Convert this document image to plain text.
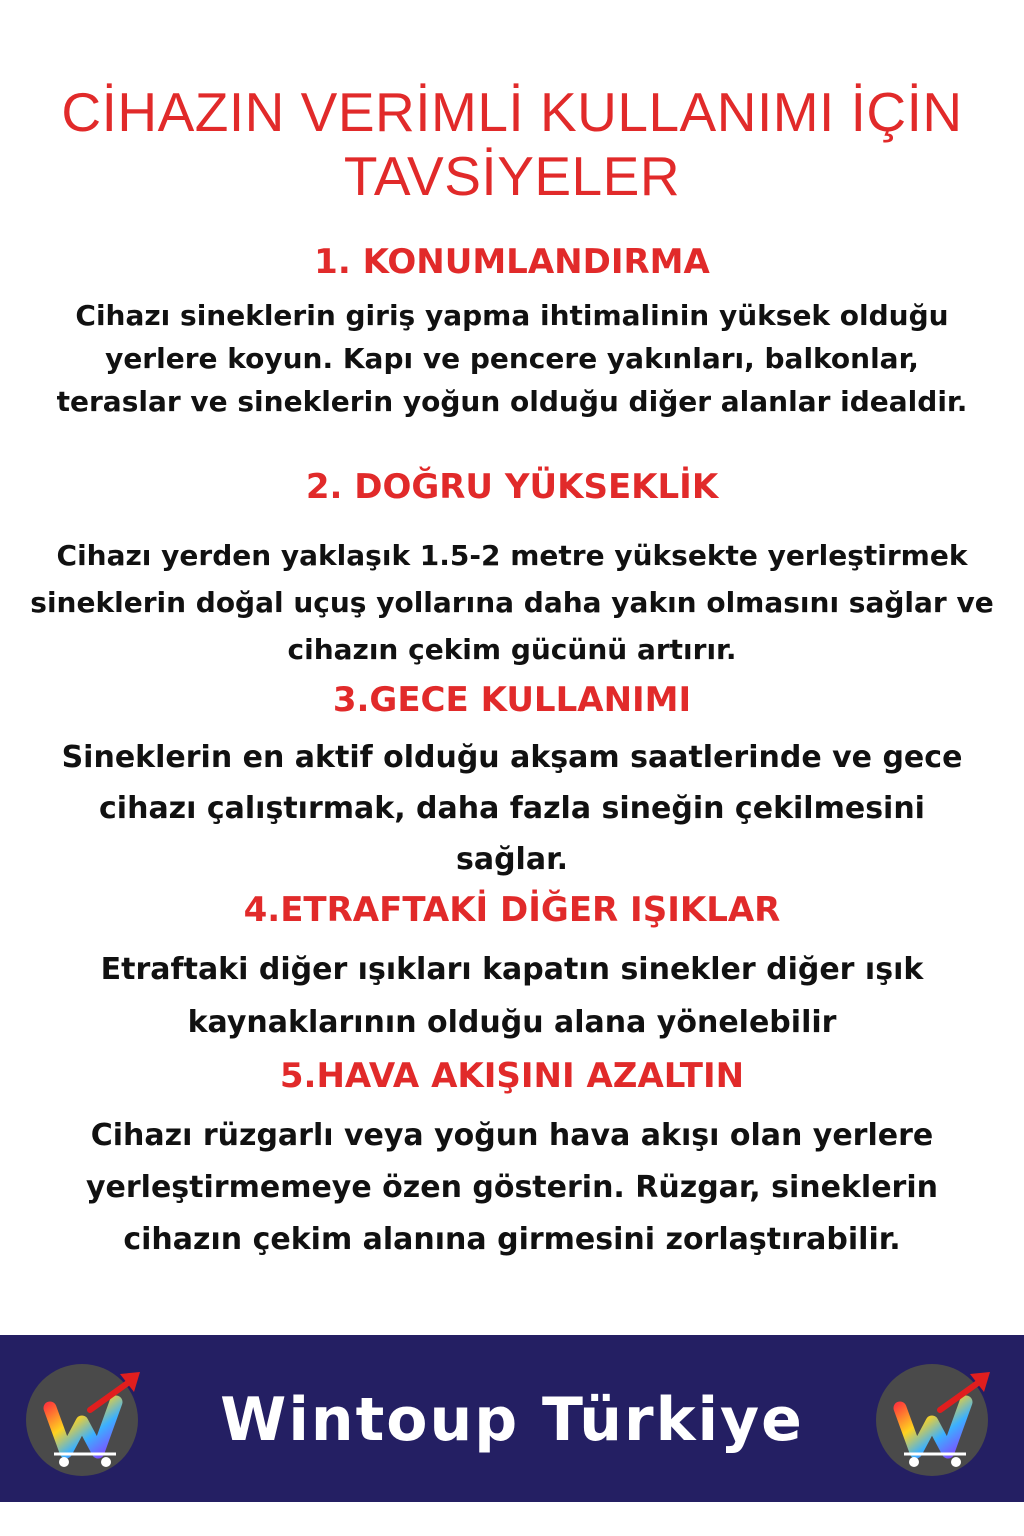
CİHAZIN VERİMLİ KULLANIMI İÇİN TAVSİYELER
1. KONUMLANDIRMA

Cihazı sineklerin giriş yapma ihtimalinin yüksek olduğu yerlere koyun. Kapı ve pencere yakınları, balkonlar, teraslar ve sineklerin yoğun olduğu diğer alanlar idealdir.

2. DOĞRU YÜKSEKLİK

Cihazı yerden yaklaşık 1.5-2 metre yüksekte yerleştirmek sineklerin doğal uçuş yollarına daha yakın olmasını sağlar ve cihazın çekim gücünü artırır.

3.GECE KULLANIMI

Sineklerin en aktif olduğu akşam saatlerinde ve gece cihazı çalıştırmak, daha fazla sineğin çekilmesini sağlar.

4.ETRAFTAKİ DİĞER IŞIKLAR

Etraftaki diğer ışıkları kapatın sinekler diğer ışık kaynaklarının olduğu alana yönelebilir

5.HAVA AKIŞINI AZALTIN

Cihazı rüzgarlı veya yoğun hava akışı olan yerlere yerleştirmemeye özen gösterin. Rüzgar, sineklerin cihazın çekim alanına girmesini zorlaştırabilir.

Wintoup Türkiye
